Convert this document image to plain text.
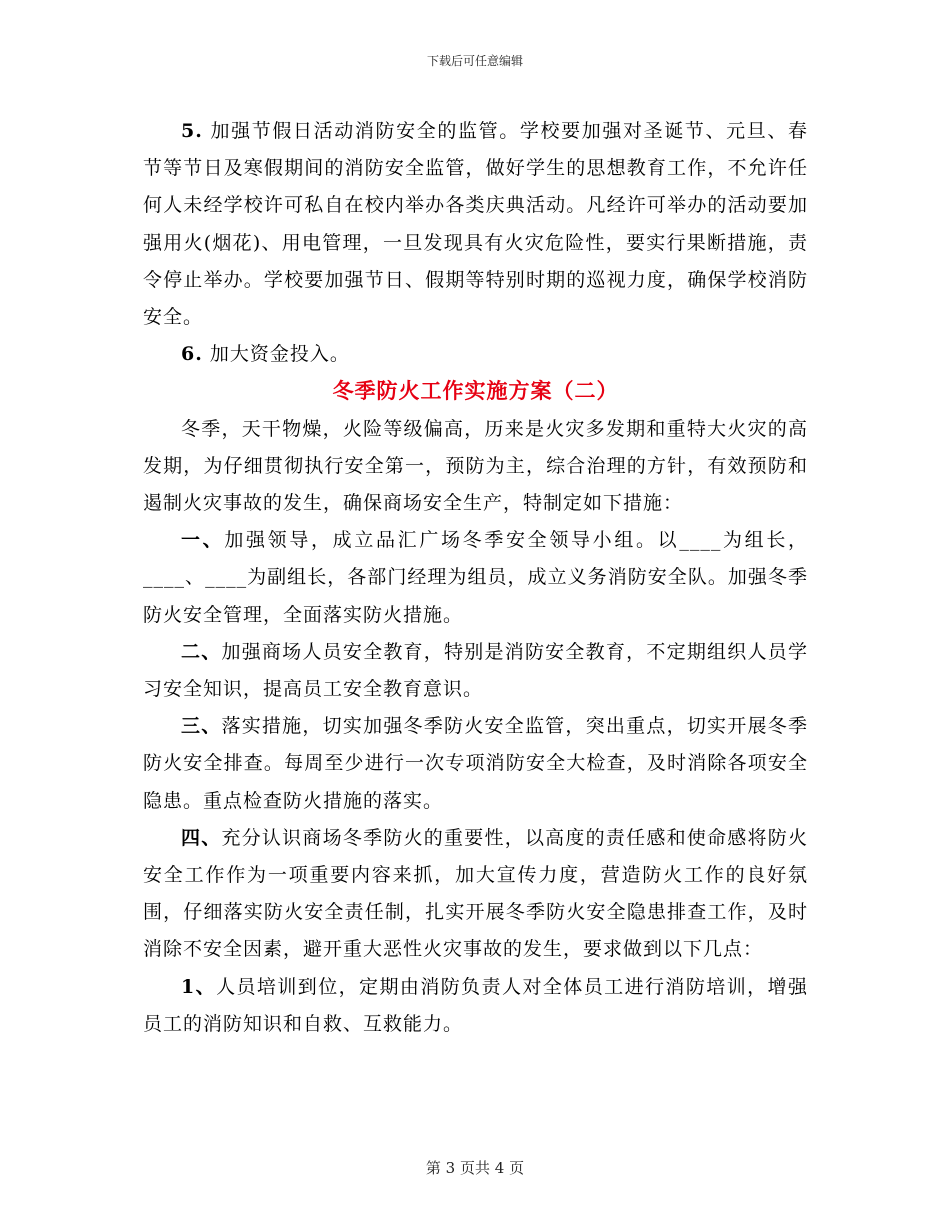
下载后可任意编辑

5. 加强节假日活动消防安全的监管。学校要加强对圣诞节、元旦、春节等节日及寒假期间的消防安全监管，做好学生的思想教育工作，不允许任何人未经学校许可私自在校内举办各类庆典活动。凡经许可举办的活动要加强用火(烟花)、用电管理，一旦发现具有火灾危险性，要实行果断措施，责令停止举办。学校要加强节日、假期等特别时期的巡视力度，确保学校消防安全。

6. 加大资金投入。

冬季防火工作实施方案（二）

冬季，天干物燥，火险等级偏高，历来是火灾多发期和重特大火灾的高发期，为仔细贯彻执行安全第一，预防为主，综合治理的方针，有效预防和遏制火灾事故的发生，确保商场安全生产，特制定如下措施：

一、加强领导，成立品汇广场冬季安全领导小组。以____为组长，____、____为副组长，各部门经理为组员，成立义务消防安全队。加强冬季防火安全管理，全面落实防火措施。

二、加强商场人员安全教育，特别是消防安全教育，不定期组织人员学习安全知识，提高员工安全教育意识。

三、落实措施，切实加强冬季防火安全监管，突出重点，切实开展冬季防火安全排查。每周至少进行一次专项消防安全大检查，及时消除各项安全隐患。重点检查防火措施的落实。

四、充分认识商场冬季防火的重要性，以高度的责任感和使命感将防火安全工作作为一项重要内容来抓，加大宣传力度，营造防火工作的良好氛围，仔细落实防火安全责任制，扎实开展冬季防火安全隐患排查工作，及时消除不安全因素，避开重大恶性火灾事故的发生，要求做到以下几点：

1、人员培训到位，定期由消防负责人对全体员工进行消防培训，增强员工的消防知识和自救、互救能力。

第 3 页共 4 页
